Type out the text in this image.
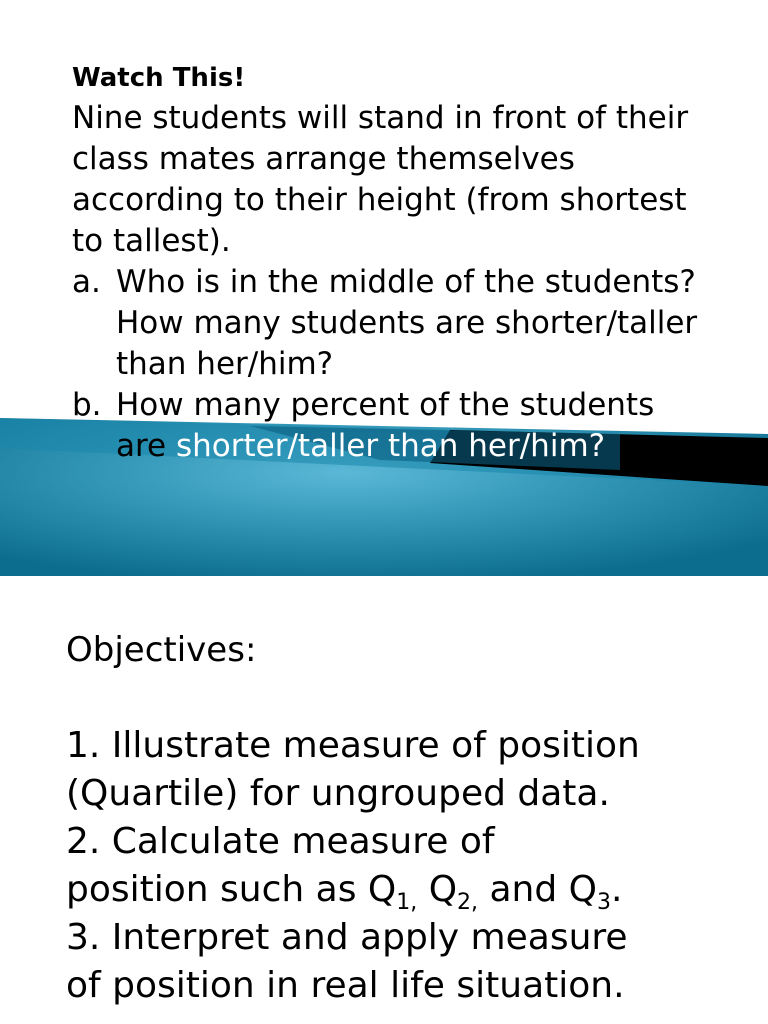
Watch This!
Nine students will stand in front of their class mates arrange themselves according to their height (from shortest to tallest).
a. Who is in the middle of the students? How many students are shorter/taller than her/him?
b. How many percent of the students
are shorter/taller than her/him?
Objectives:
1. Illustrate measure of position
(Quartile) for ungrouped data.
2. Calculate measure of
position such as $Q_{1,}$ $Q_{2,}$ and $Q_3$.
3. Interpret and apply measure
of position in real life situation.
